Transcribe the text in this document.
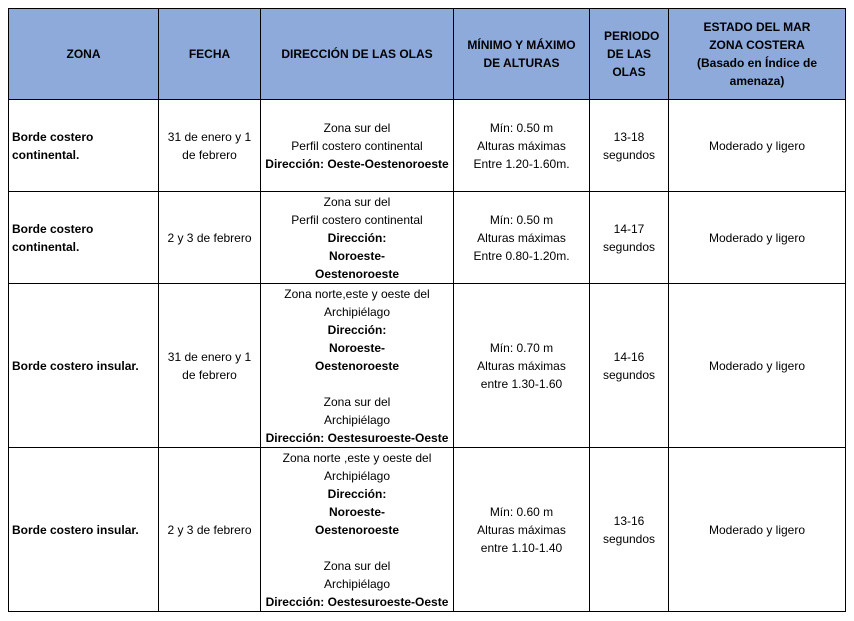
ZONA	FECHA	DIRECCIÓN DE LAS OLAS	MÍNIMO Y MÁXIMO DE ALTURAS	PERIODO DE LAS OLAS	ESTADO DEL MAR
ZONA COSTERA
(Basado en Índice de amenaza)

Borde costero continental.	31 de enero y 1 de febrero	Zona sur del
Perfil costero continental
Dirección: Oeste-Oestenoroeste	Mín: 0.50 m
Alturas máximas
Entre 1.20-1.60m.	13-18 segundos	Moderado y ligero
Borde costero continental.	2 y 3 de febrero	Zona sur del
Perfil costero continental
Dirección: Noroeste-Oestenoroeste	Mín: 0.50 m
Alturas máximas
Entre 0.80-1.20m.	14-17 segundos	Moderado y ligero
Borde costero insular.	31 de enero y 1 de febrero	Zona norte,este y oeste del Archipiélago
Dirección: Noroeste-Oestenoroeste
Zona sur del Archipiélago
Dirección: Oestesuroeste-Oeste	Mín: 0.70 m
Alturas máximas
entre 1.30-1.60	14-16 segundos	Moderado y ligero
Borde costero insular.	2 y 3 de febrero	Zona norte ,este y oeste del Archipiélago
Dirección: Noroeste-Oestenoroeste
Zona sur del Archipiélago
Dirección: Oestesuroeste-Oeste	Mín: 0.60 m
Alturas máximas
entre 1.10-1.40	13-16 segundos	Moderado y ligero
